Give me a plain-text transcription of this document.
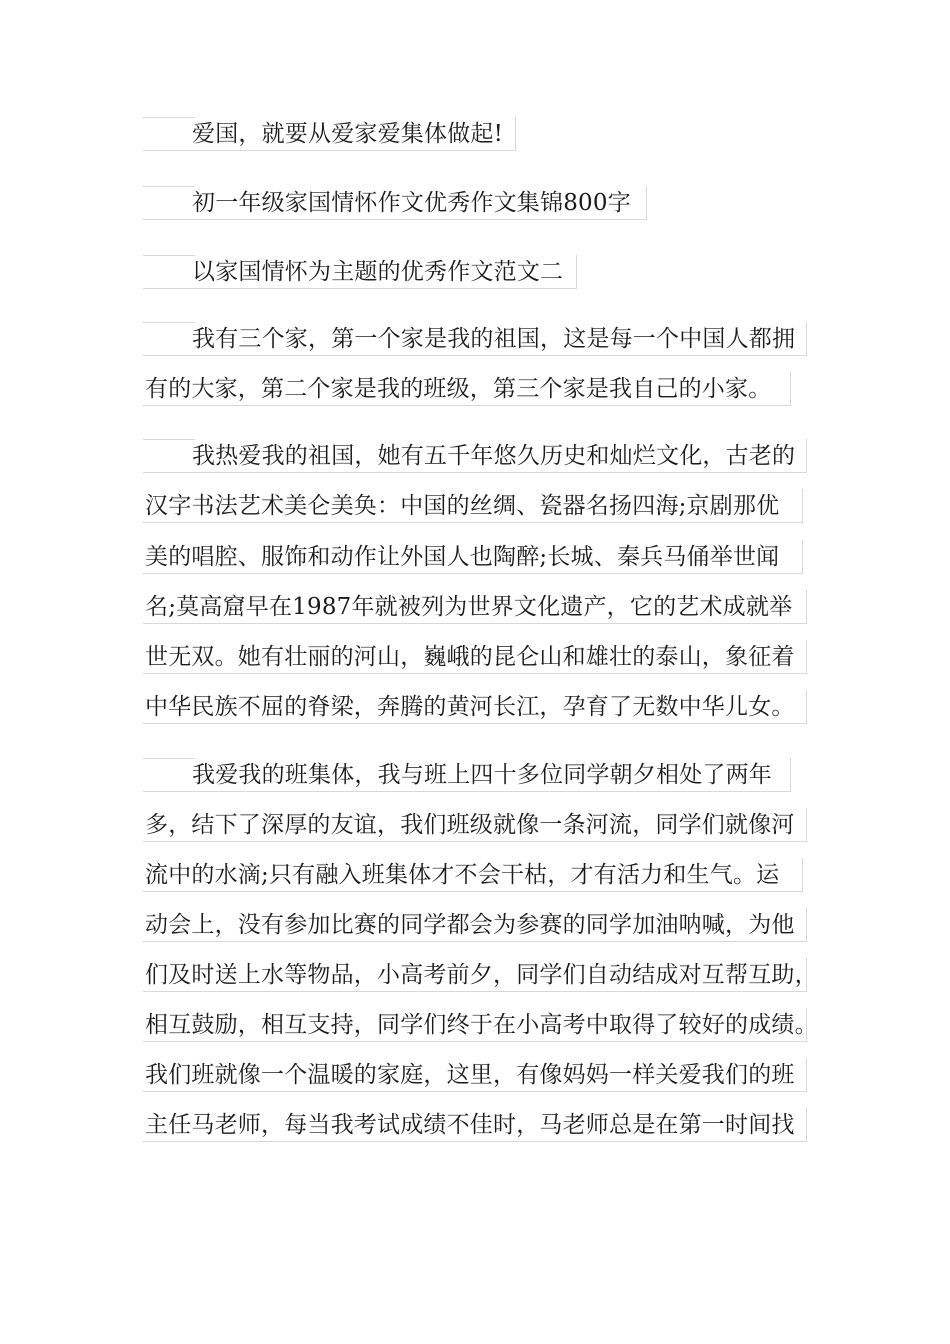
爱国，就要从爱家爱集体做起!
初一年级家国情怀作文优秀作文集锦800字
以家国情怀为主题的优秀作文范文二
我有三个家，第一个家是我的祖国，这是每一个中国人都拥
有的大家，第二个家是我的班级，第三个家是我自己的小家。
我热爱我的祖国，她有五千年悠久历史和灿烂文化，古老的
汉字书法艺术美仑美奂：中国的丝绸、瓷器名扬四海;京剧那优
美的唱腔、服饰和动作让外国人也陶醉;长城、秦兵马俑举世闻
名;莫高窟早在1987年就被列为世界文化遗产，它的艺术成就举
世无双。她有壮丽的河山，巍峨的昆仑山和雄壮的泰山，象征着
中华民族不屈的脊梁，奔腾的黄河长江，孕育了无数中华儿女。
我爱我的班集体，我与班上四十多位同学朝夕相处了两年
多，结下了深厚的友谊，我们班级就像一条河流，同学们就像河
流中的水滴;只有融入班集体才不会干枯，才有活力和生气。运
动会上，没有参加比赛的同学都会为参赛的同学加油呐喊，为他
们及时送上水等物品，小高考前夕，同学们自动结成对互帮互助，
相互鼓励，相互支持，同学们终于在小高考中取得了较好的成绩。
我们班就像一个温暖的家庭，这里，有像妈妈一样关爱我们的班
主任马老师，每当我考试成绩不佳时，马老师总是在第一时间找
